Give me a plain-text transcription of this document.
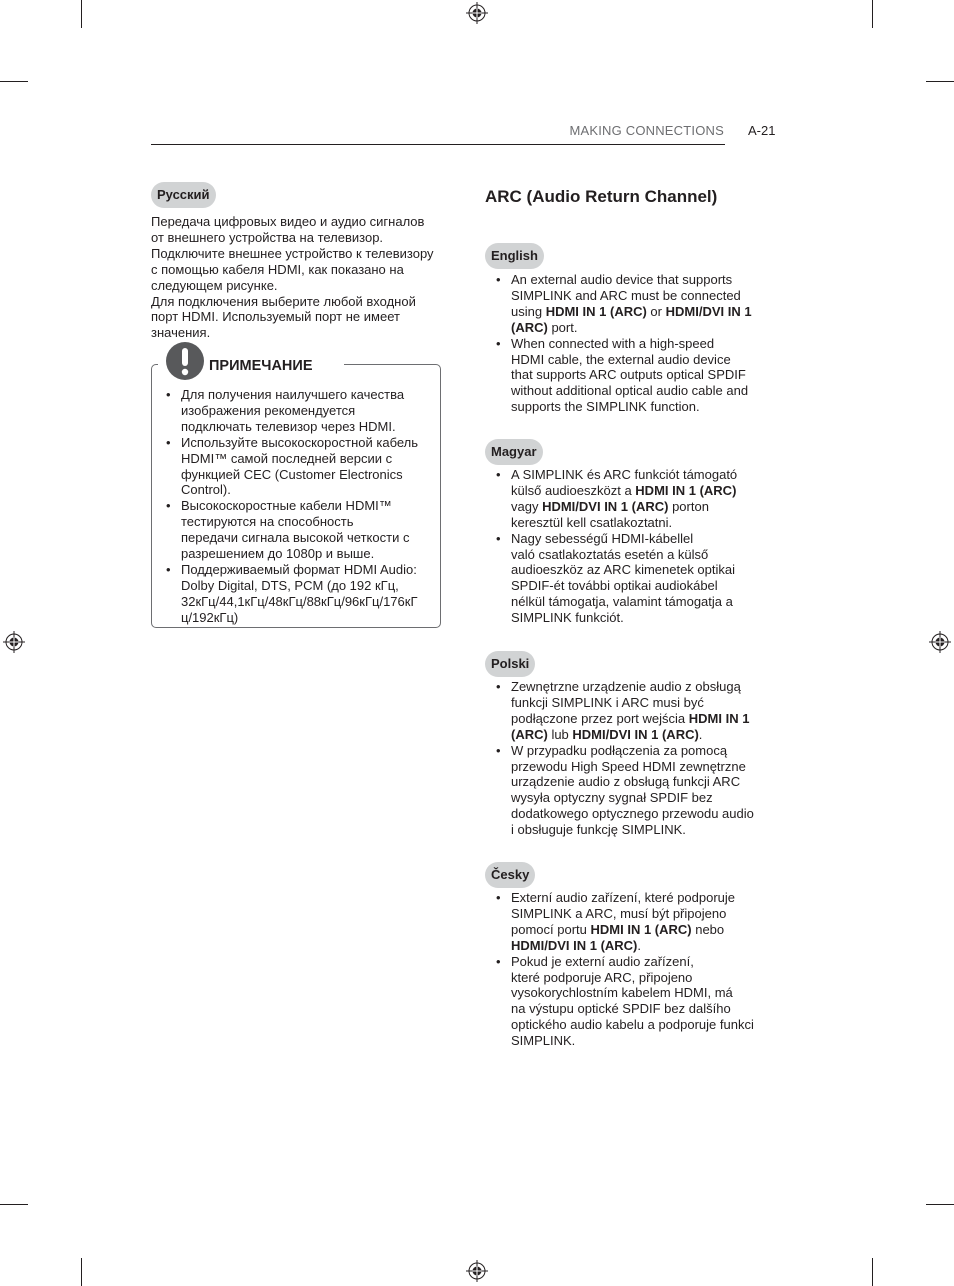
MAKING CONNECTIONS A-21
Русский

Передача цифровых видео и аудио сигналов
от внешнего устройства на телевизор.
Подключите внешнее устройство к телевизору
с помощью кабеля HDMI, как показано на
следующем рисунке.
Для подключения выберите любой входной
порт HDMI. Используемый порт не имеет
значения.

ПРИМЕЧАНИЕ
• Для получения наилучшего качества
изображения рекомендуется
подключать телевизор через HDMI.
• Используйте высокоскоростной кабель
HDMI™ самой последней версии с
функцией CEC (Customer Electronics
Control).
• Высокоскоростные кабели HDMI™
тестируются на способность
передачи сигнала высокой четкости с
разрешением до 1080p и выше.
• Поддерживаемый формат HDMI Audio:
Dolby Digital, DTS, PCM (до 192 кГц,
32кГц/44,1кГц/48кГц/88кГц/96кГц/176кГ
ц/192кГц)
ARC (Audio Return Channel)
English
• An external audio device that supports
SIMPLINK and ARC must be connected
using HDMI IN 1 (ARC) or HDMI/DVI IN 1
(ARC) port.
• When connected with a high-speed
HDMI cable, the external audio device
that supports ARC outputs optical SPDIF
without additional optical audio cable and
supports the SIMPLINK function.
Magyar
• A SIMPLINK és ARC funkciót támogató
külső audioeszközt a HDMI IN 1 (ARC)
vagy HDMI/DVI IN 1 (ARC) porton
keresztül kell csatlakoztatni.
• Nagy sebességű HDMI-kábellel
való csatlakoztatás esetén a külső
audioeszköz az ARC kimenetek optikai
SPDIF-ét további optikai audiokábel
nélkül támogatja, valamint támogatja a
SIMPLINK funkciót.
Polski
• Zewnętrzne urządzenie audio z obsługą
funkcji SIMPLINK i ARC musi być
podłączone przez port wejścia HDMI IN 1
(ARC) lub HDMI/DVI IN 1 (ARC).
• W przypadku podłączenia za pomocą
przewodu High Speed HDMI zewnętrzne
urządzenie audio z obsługą funkcji ARC
wysyła optyczny sygnał SPDIF bez
dodatkowego optycznego przewodu audio
i obsługuje funkcję SIMPLINK.
Česky
• Externí audio zařízení, které podporuje
SIMPLINK a ARC, musí být připojeno
pomocí portu HDMI IN 1 (ARC) nebo
HDMI/DVI IN 1 (ARC).
• Pokud je externí audio zařízení,
které podporuje ARC, připojeno
vysokorychlostním kabelem HDMI, má
na výstupu optické SPDIF bez dalšího
optického audio kabelu a podporuje funkci
SIMPLINK.
